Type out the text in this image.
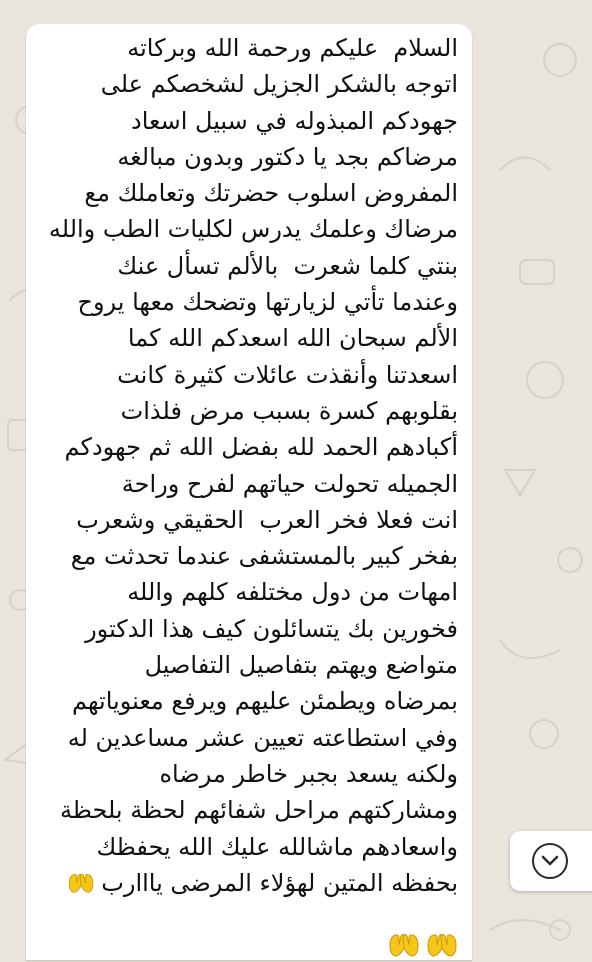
السلام  عليكم ورحمة الله وبركاته
اتوجه بالشكر الجزيل لشخصكم على
جهودكم المبذوله في سبيل اسعاد
مرضاكم بجد يا دكتور وبدون مبالغه
المفروض اسلوب حضرتك وتعاملك مع
مرضاك وعلمك يدرس لكليات الطب والله
بنتي كلما شعرت  بالألم تسأل عنك
وعندما تأتي لزيارتها وتضحك معها يروح
الألم سبحان الله اسعدكم الله كما
اسعدتنا وأنقذت عائلات كثيرة كانت
بقلوبهم كسرة بسبب مرض فلذات
أكبادهم الحمد لله بفضل الله ثم جهودكم
الجميله تحولت حياتهم لفرح وراحة
انت فعلا فخر العرب  الحقيقي وشعرب
بفخر كبير بالمستشفى عندما تحدثت مع
امهات من دول مختلفه كلهم والله
فخورين بك يتسائلون كيف هذا الدكتور
متواضع ويهتم بتفاصيل التفاصيل
بمرضاه ويطمئن عليهم ويرفع معنوياتهم
وفي استطاعته تعيين عشر مساعدين له
ولكنه يسعد بجبر خاطر مرضاه
ومشاركتهم مراحل شفائهم لحظة بلحظة
واسعادهم ماشالله عليك الله يحفظك
بحفظه المتين لهؤلاء المرضى يااارب
